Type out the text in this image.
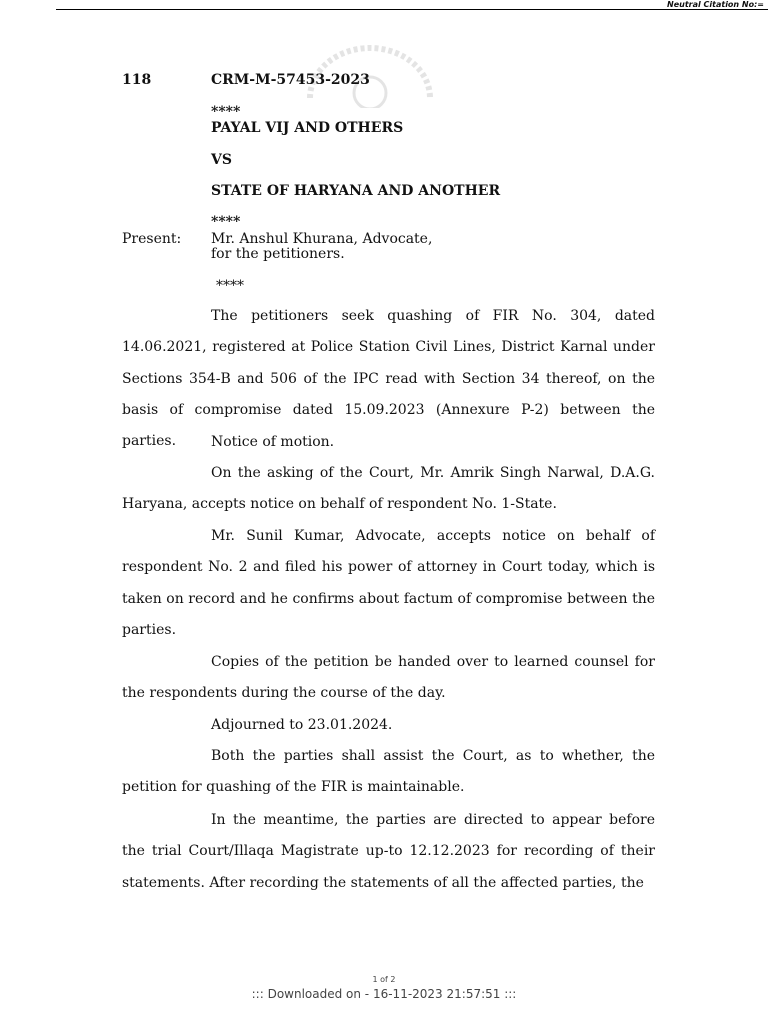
Neutral Citation No:=
118	CRM-M-57453-2023
****
PAYAL VIJ AND OTHERS
VS
STATE OF HARYANA AND ANOTHER
****
Present: Mr. Anshul Khurana, Advocate,
for the petitioners.
****
The petitioners seek quashing of FIR No. 304, dated 14.06.2021, registered at Police Station Civil Lines, District Karnal under Sections 354-B and 506 of the IPC read with Section 34 thereof, on the basis of compromise dated 15.09.2023 (Annexure P-2) between the parties.	Notice of motion.
On the asking of the Court, Mr. Amrik Singh Narwal, D.A.G. Haryana, accepts notice on behalf of respondent No. 1-State.
Mr. Sunil Kumar, Advocate, accepts notice on behalf of respondent No. 2 and filed his power of attorney in Court today, which is taken on record and he confirms about factum of compromise between the parties.
Copies of the petition be handed over to learned counsel for the respondents during the course of the day.
Adjourned to 23.01.2024.
Both the parties shall assist the Court, as to whether, the petition for quashing of the FIR is maintainable.
In the meantime, the parties are directed to appear before the trial Court/Illaqa Magistrate up-to 12.12.2023 for recording of their statements. After recording the statements of all the affected parties, the
1 of 2
::: Downloaded on - 16-11-2023 21:57:51 :::
